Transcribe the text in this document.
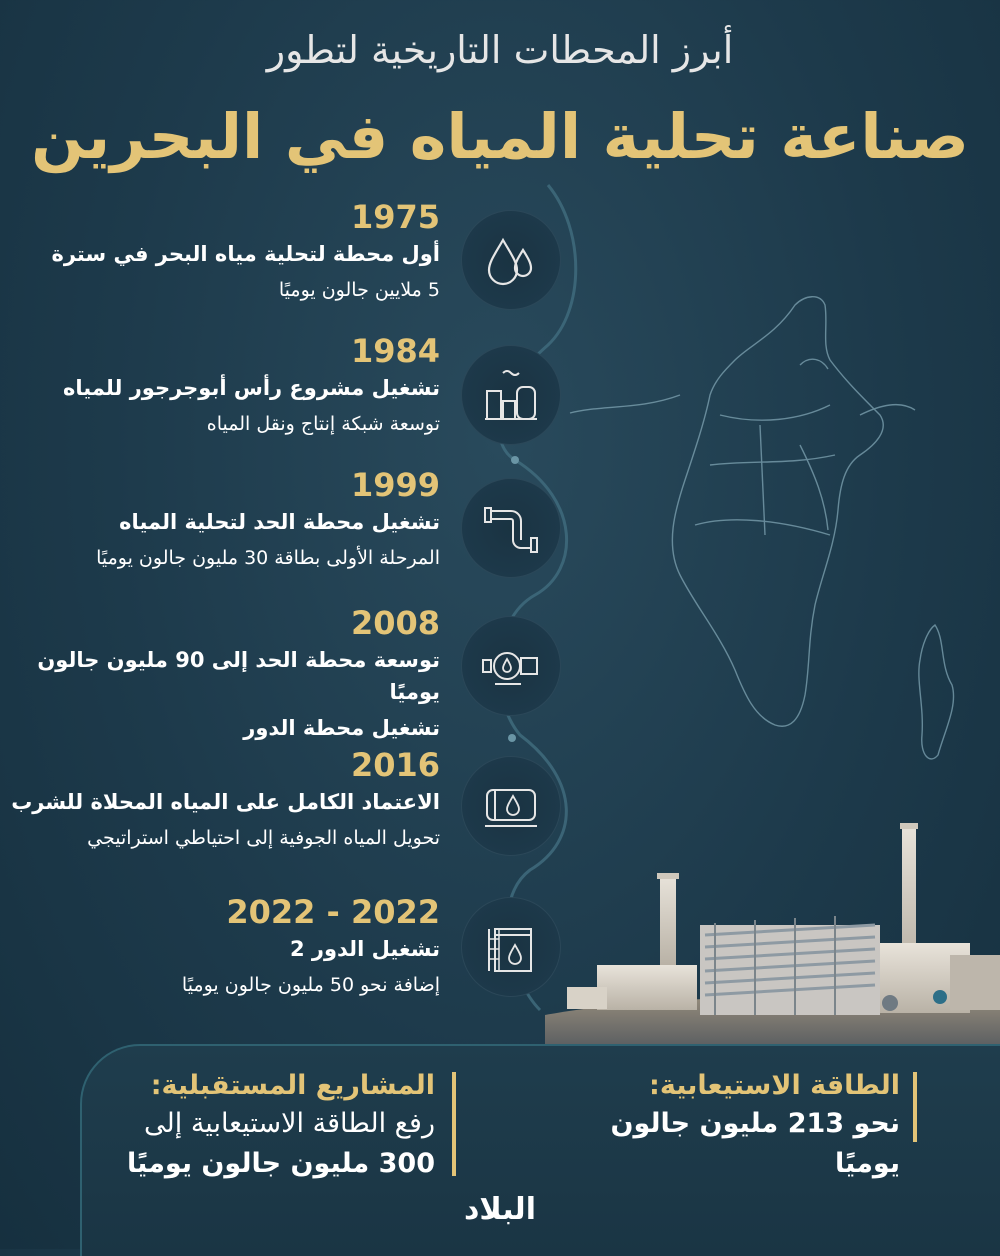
أبرز المحطات التاريخية لتطور
صناعة تحلية المياه في البحرين
1975
أول محطة لتحلية مياه البحر في سترة
5 ملايين جالون يوميًا
1984
تشغيل مشروع رأس أبوجرجور للمياه
توسعة شبكة إنتاج ونقل المياه
1999
تشغيل محطة الحد لتحلية المياه
المرحلة الأولى بطاقة 30 مليون جالون يوميًا
2008
توسعة محطة الحد إلى 90 مليون جالون يوميًا
تشغيل محطة الدور
2016
الاعتماد الكامل على المياه المحلاة للشرب
تحويل المياه الجوفية إلى احتياطي استراتيجي
2022 - 2022
تشغيل الدور 2
إضافة نحو 50 مليون جالون يوميًا
الطاقة الاستيعابية:
نحو 213 مليون جالون يوميًا
المشاريع المستقبلية:
رفع الطاقة الاستيعابية إلى
300 مليون جالون يوميًا
البلاد
